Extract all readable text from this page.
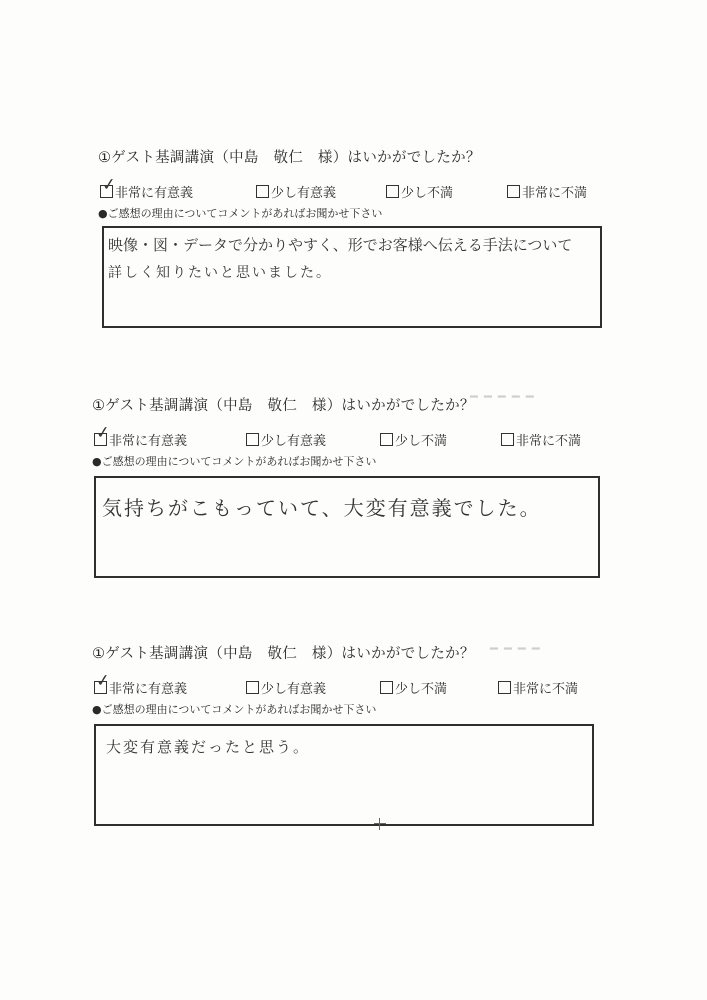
①ゲスト基調講演（中島　敬仁　様）はいかがでしたか？
✓
非常に有意義	少し有意義	少し不満	非常に不満
●ご感想の理由についてコメントがあればお聞かせ下さい
映像・図・データで分かりやすく、形でお客様へ伝える手法について
詳しく知りたいと思いました。
━ ━ ━ ━ ━
①ゲスト基調講演（中島　敬仁　様）はいかがでしたか？
✓
非常に有意義	少し有意義	少し不満	非常に不満
●ご感想の理由についてコメントがあればお聞かせ下さい
気持ちがこもっていて、大変有意義でした。
━ ━ ━ ━
①ゲスト基調講演（中島　敬仁　様）はいかがでしたか？
✓
非常に有意義	少し有意義	少し不満	非常に不満
●ご感想の理由についてコメントがあればお聞かせ下さい
大変有意義だったと思う。
